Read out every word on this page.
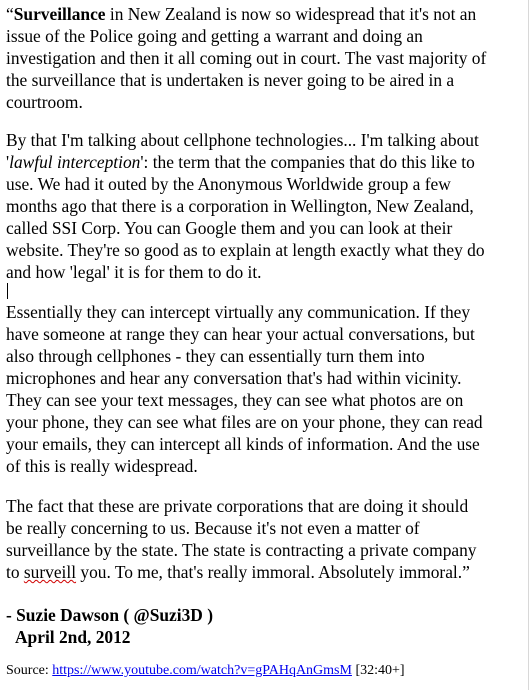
“Surveillance in New Zealand is now so widespread that it's not an
issue of the Police going and getting a warrant and doing an
investigation and then it all coming out in court. The vast majority of
the surveillance that is undertaken is never going to be aired in a
courtroom.
By that I'm talking about cellphone technologies... I'm talking about
'lawful interception': the term that the companies that do this like to
use. We had it outed by the Anonymous Worldwide group a few
months ago that there is a corporation in Wellington, New Zealand,
called SSI Corp. You can Google them and you can look at their
website. They're so good as to explain at length exactly what they do
and how 'legal' it is for them to do it.
Essentially they can intercept virtually any communication. If they
have someone at range they can hear your actual conversations, but
also through cellphones - they can essentially turn them into
microphones and hear any conversation that's had within vicinity.
They can see your text messages, they can see what photos are on
your phone, they can see what files are on your phone, they can read
your emails, they can intercept all kinds of information. And the use
of this is really widespread.
The fact that these are private corporations that are doing it should
be really concerning to us. Because it's not even a matter of
surveillance by the state. The state is contracting a private company
to surveill you. To me, that's really immoral. Absolutely immoral.”
- Suzie Dawson ( @Suzi3D )
April 2nd, 2012
Source: https://www.youtube.com/watch?v=gPAHqAnGmsM [32:40+]
